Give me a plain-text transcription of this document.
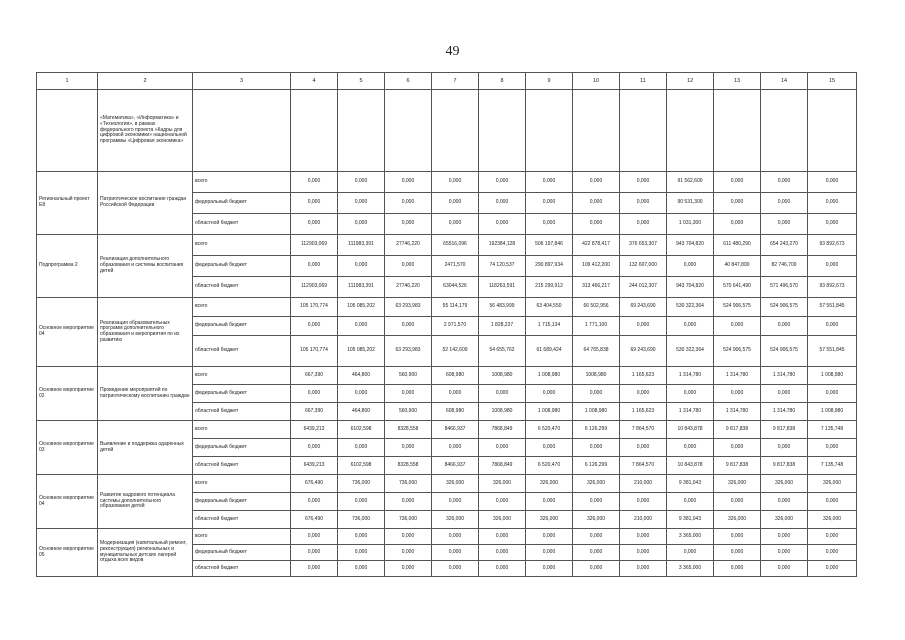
49
1	2	3	4	5	6	7	8	9	10	11	12	13	14	15
	«Математика», «Информатика» и «Технология», в рамках федерального проекта «Кадры для цифровой экономики» национальной программы «Цифровая экономика»													
Региональный проект Е8	Патриотическое воспитание граждан Российской Федерации	всего	0,000	0,000	0,000	0,000	0,000	0,000	0,000	0,000	91 562,600	0,000	0,000	0,000
		федеральный бюджет	0,000	0,000	0,000	0,000	0,000	0,000	0,000	0,000	90 531,300	0,000	0,000	0,000
		областной бюджет	0,000	0,000	0,000	0,000	0,000	0,000	0,000	0,000	1 031,300	0,000	0,000	0,000
Подпрограмма 2	Реализация дополнительного образования и системы воспитания детей	всего	112903,069	111983,391	27746,220	65516,096	192384,128	506 197,846	422 878,417	376 653,307	943 704,820	611 480,290	654 243,270	93 892,673
		федеральный бюджет	0,000	0,000	0,000	2471,570	74 120,537	290 897,934	109 412,200	132 607,000	0,000	40 847,800	82 746,700	0,000
		областной бюджет	112903,069	111983,391	27746,220	63044,526	118263,591	215 299,912	313 466,217	244 012,307	943 704,820	570 641,490	571 496,570	93 892,673
Основное мероприятие 04	Реализация образовательных программ дополнительного образования и мероприятия по их развитию	всего	105 170,774	105 085,202	63 293,983	55 114,179	56 483,999	63 404,550	66 502,956	69 243,690	530 322,364	524 906,575	524 906,575	57 551,845
		федеральный бюджет	0,000	0,000	0,000	2 971,570	1 828,237	1 715,134	1 771,100	0,000	0,000	0,000	0,000	0,000
		областной бюджет	105 170,774	105 085,202	63 293,983	52 142,609	54 655,762	61 689,424	64 765,838	69 243,690	530 322,364	524 906,575	524 906,575	57 551,845
Основное мероприятие 02	Проведение мероприятий по патриотическому воспитанию граждан	всего	667,390	464,800	560,900	608,980	1008,980	1 008,980	1008,980	1 165,623	1 314,780	1 314,780	1 314,780	1 008,980
		федеральный бюджет	0,000	0,000	0,000	0,000	0,000	0,000	0,000	0,000	0,000	0,000	0,000	0,000
		областной бюджет	667,390	464,800	560,900	608,980	1008,980	1 008,980	1 008,980	1 165,623	1 314,780	1 314,780	1 314,780	1 008,980
Основное мероприятие 03	Выявление и поддержка одаренных детей	всего	6439,213	6102,598	8328,558	8466,937	7868,849	6 520,470	6 126,299	7 864,570	10 843,878	9 817,838	9 817,838	7 135,748
		федеральный бюджет	0,000	0,000	0,000	0,000	0,000	0,000	0,000	0,000	0,000	0,000	0,000	0,000
		областной бюджет	6439,213	6102,598	8328,558	8466,937	7868,849	6 520,470	6 126,299	7 864,570	10 843,878	9 817,838	9 817,838	7 135,748
Основное мероприятие 04	Развитие кадрового потенциала системы дополнительного образования детей	всего	676,490	736,000	736,000	326,000	326,000	326,000	326,000	210,000	9 381,043	326,000	326,000	326,000
		федеральный бюджет	0,000	0,000	0,000	0,000	0,000	0,000	0,000	0,000	0,000	0,000	0,000	0,000
		областной бюджет	676,490	736,000	736,000	326,000	326,000	326,000	326,000	210,000	9 381,043	326,000	326,000	326,000
Основное мероприятие 05	Модернизация (капитальный ремонт, реконструкция) региональных и муниципальных детских лагерей отдыха всех видов	всего	0,000	0,000	0,000	0,000	0,000	0,000	0,000	0,000	3 365,000	0,000	0,000	0,000
		федеральный бюджет	0,000	0,000	0,000	0,000	0,000	0,000	0,000	0,000	0,000	0,000	0,000	0,000
		областной бюджет	0,000	0,000	0,000	0,000	0,000	0,000	0,000	0,000	3 365,000	0,000	0,000	0,000
